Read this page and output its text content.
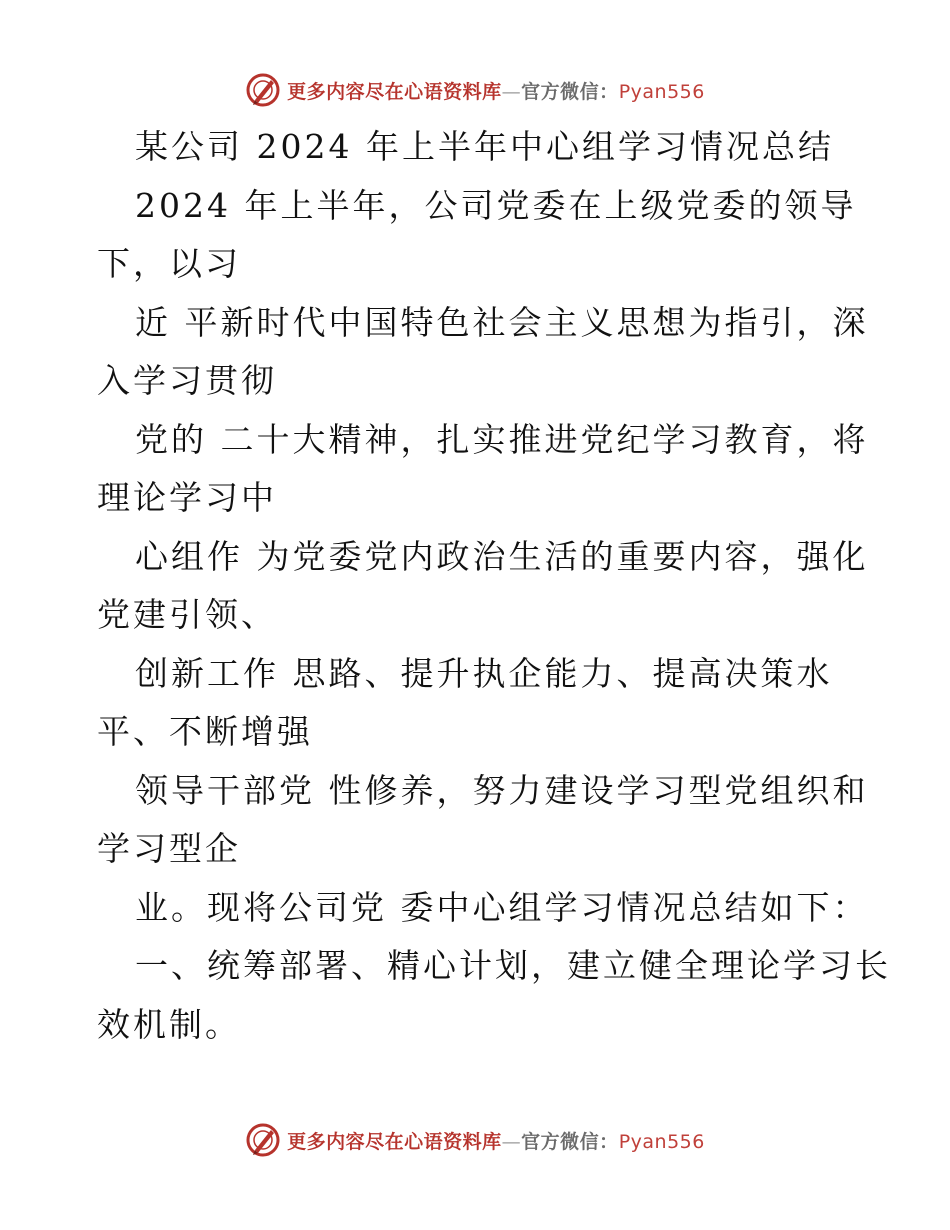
更多内容尽在心语资料库—官方微信：Pyan556
某公司 2024 年上半年中心组学习情况总结
2024 年上半年，公司党委在上级党委的领导
下，以习
近 平新时代中国特色社会主义思想为指引，深
入学习贯彻
党的 二十大精神，扎实推进党纪学习教育，将
理论学习中
心组作 为党委党内政治生活的重要内容，强化
党建引领、
创新工作 思路、提升执企能力、提高决策水
平、不断增强
领导干部党 性修养，努力建设学习型党组织和
学习型企
业。现将公司党 委中心组学习情况总结如下：
一、统筹部署、精心计划，建立健全理论学习长
效机制。
更多内容尽在心语资料库—官方微信：Pyan556
